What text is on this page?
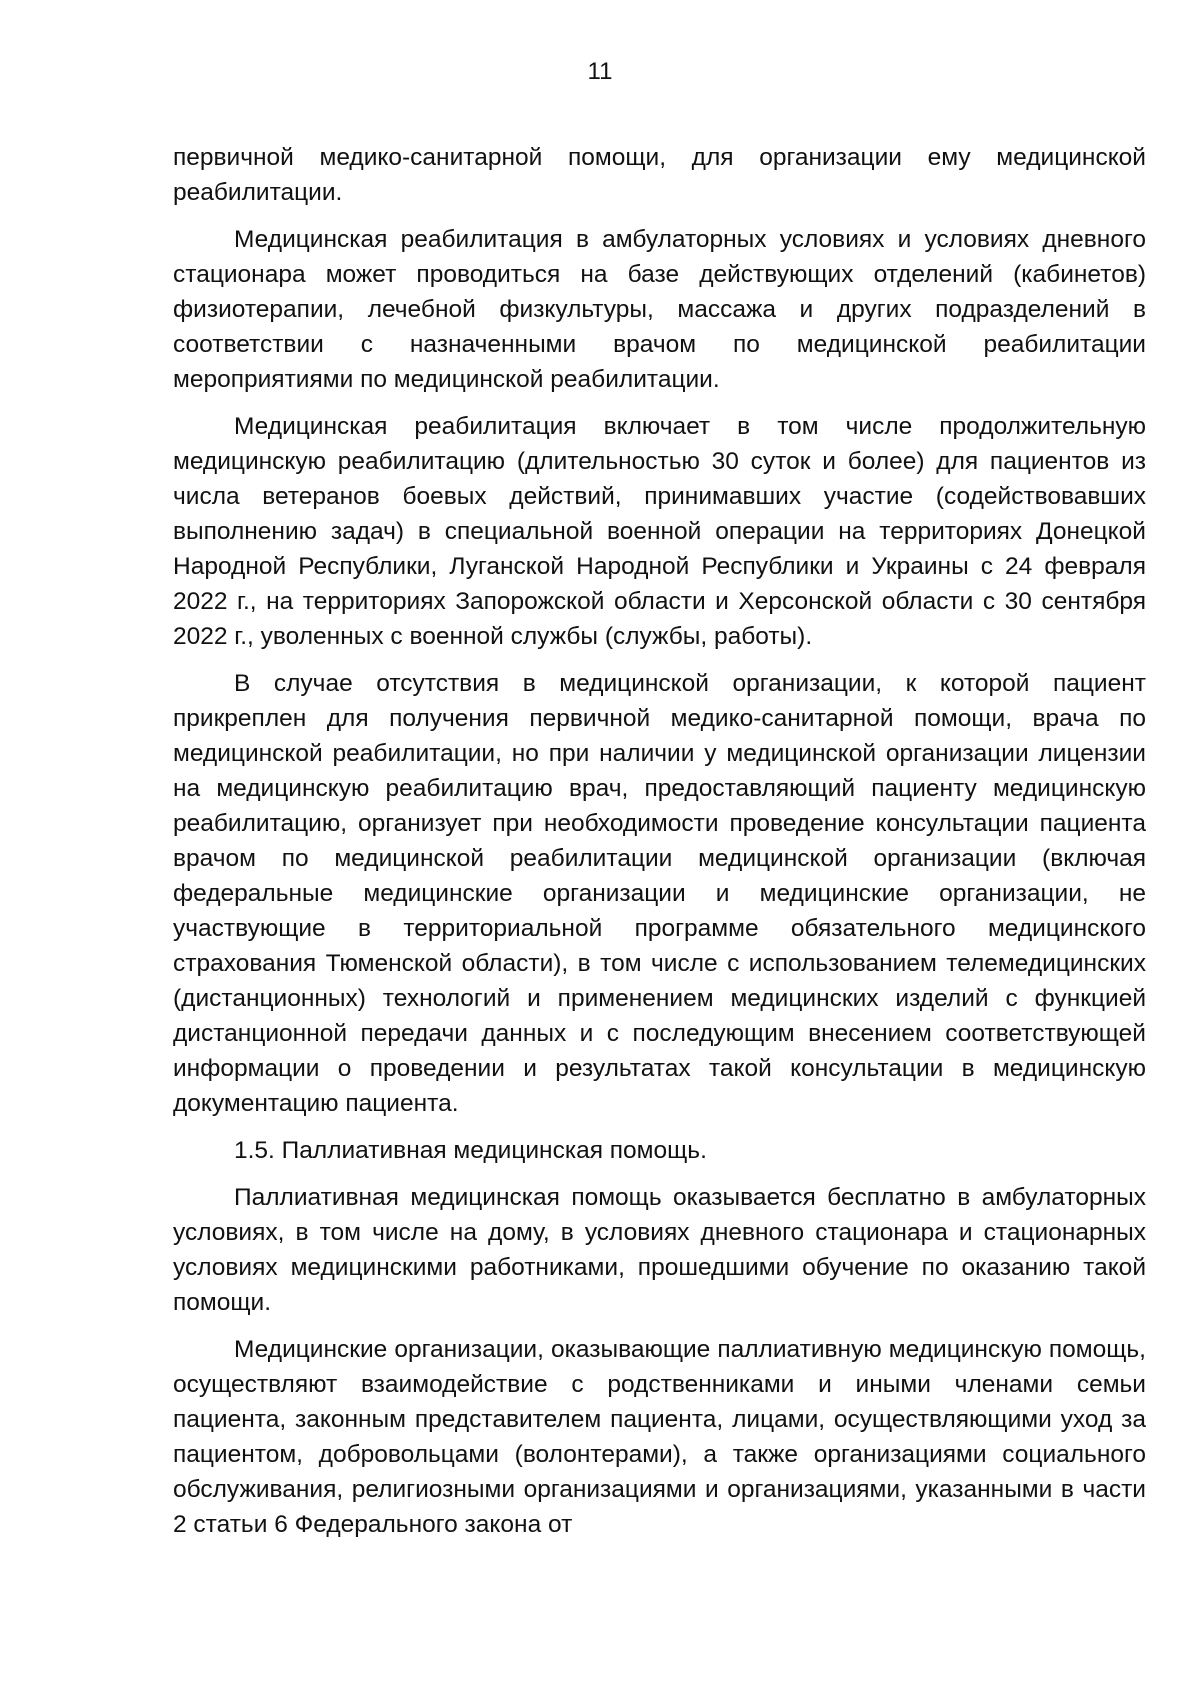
11

первичной медико-санитарной помощи, для организации ему медицинской реабилитации.

Медицинская реабилитация в амбулаторных условиях и условиях дневного стационара может проводиться на базе действующих отделений (кабинетов) физиотерапии, лечебной физкультуры, массажа и других подразделений в соответствии с назначенными врачом по медицинской реабилитации мероприятиями по медицинской реабилитации.

Медицинская реабилитация включает в том числе продолжительную медицинскую реабилитацию (длительностью 30 суток и более) для пациентов из числа ветеранов боевых действий, принимавших участие (содействовавших выполнению задач) в специальной военной операции на территориях Донецкой Народной Республики, Луганской Народной Республики и Украины с 24 февраля 2022 г., на территориях Запорожской области и Херсонской области с 30 сентября 2022 г., уволенных с военной службы (службы, работы).

В случае отсутствия в медицинской организации, к которой пациент прикреплен для получения первичной медико-санитарной помощи, врача по медицинской реабилитации, но при наличии у медицинской организации лицензии на медицинскую реабилитацию врач, предоставляющий пациенту медицинскую реабилитацию, организует при необходимости проведение консультации пациента врачом по медицинской реабилитации медицинской организации (включая федеральные медицинские организации и медицинские организации, не участвующие в территориальной программе обязательного медицинского страхования Тюменской области), в том числе с использованием телемедицинских (дистанционных) технологий и применением медицинских изделий с функцией дистанционной передачи данных и с последующим внесением соответствующей информации о проведении и результатах такой консультации в медицинскую документацию пациента.

1.5. Паллиативная медицинская помощь.

Паллиативная медицинская помощь оказывается бесплатно в амбулаторных условиях, в том числе на дому, в условиях дневного стационара и стационарных условиях медицинскими работниками, прошедшими обучение по оказанию такой помощи.

Медицинские организации, оказывающие паллиативную медицинскую помощь, осуществляют взаимодействие с родственниками и иными членами семьи пациента, законным представителем пациента, лицами, осуществляющими уход за пациентом, добровольцами (волонтерами), а также организациями социального обслуживания, религиозными организациями и организациями, указанными в части 2 статьи 6 Федерального закона от
